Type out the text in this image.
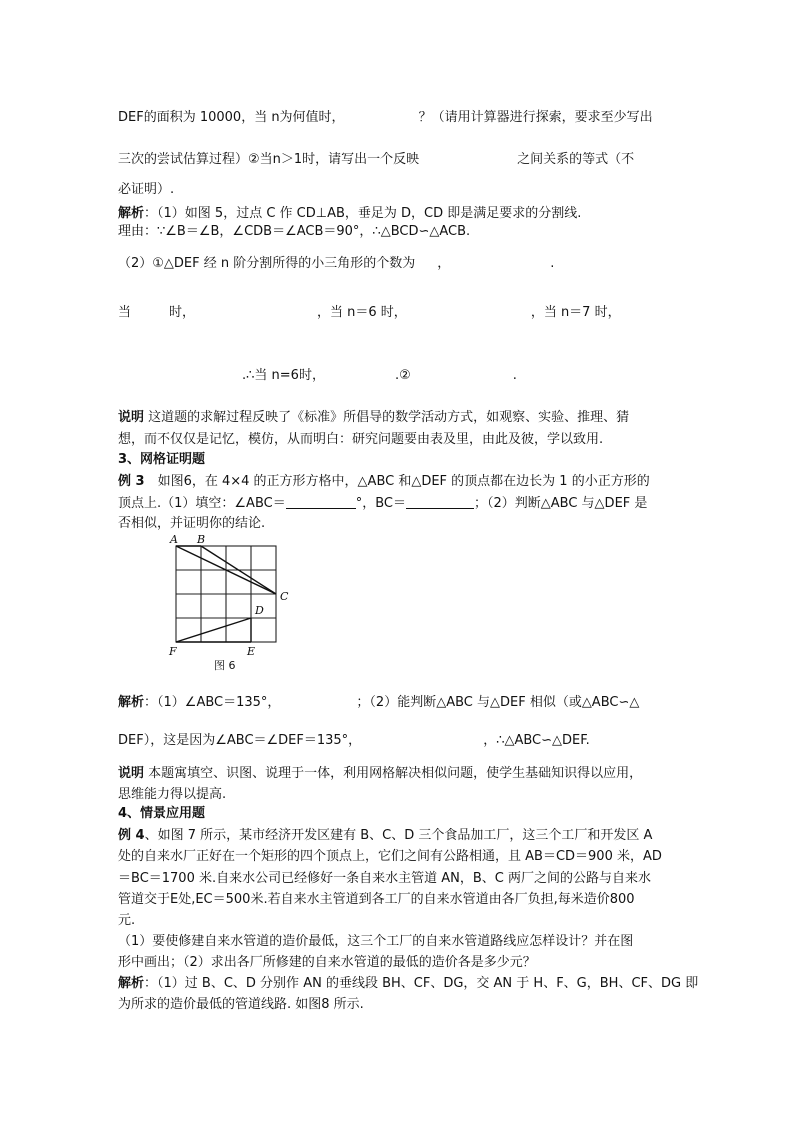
DEF的面积为 10000，当 n为何值时，	？（请用计算器进行探索，要求至少写出
三次的尝试估算过程）②当n＞1时，请写出一个反映	之间关系的等式（不
必证明）.
解析：（1）如图 5，过点 C 作 CD⊥AB，垂足为 D，CD 即是满足要求的分割线.
理由：∵∠B＝∠B，∠CDB＝∠ACB＝90°，∴△BCD∽△ACB.
（2）①△DEF 经 n 阶分割所得的小三角形的个数为 ，	.
当	时，	，当 n＝6 时，	，当 n＝7 时，
.∴当 n=6时，	.②	.
说明 这道题的求解过程反映了《标准》所倡导的数学活动方式，如观察、实验、推理、猜
想，而不仅仅是记忆，模仿，从而明白：研究问题要由表及里，由此及彼，学以致用.
3、网格证明题
例 3　如图6，在 4×4 的正方形方格中，△ABC 和△DEF 的顶点都在边长为 1 的小正方形的
顶点上.（1）填空：∠ABC＝	°，BC＝	；（2）判断△ABC 与△DEF 是
否相似，并证明你的结论.
A B
C
D
E
F
图 6
解析：（1）∠ABC＝135°，	；（2）能判断△ABC 与△DEF 相似（或△ABC∽△
DEF），这是因为∠ABC＝∠DEF＝135°，	，∴△ABC∽△DEF.
说明 本题寓填空、识图、说理于一体，利用网格解决相似问题，使学生基础知识得以应用，
思维能力得以提高.
4、情景应用题
例 4、如图 7 所示，某市经济开发区建有 B、C、D 三个食品加工厂，这三个工厂和开发区 A
处的自来水厂正好在一个矩形的四个顶点上，它们之间有公路相通，且 AB＝CD＝900 米，AD
＝BC＝1700 米.自来水公司已经修好一条自来水主管道 AN，B、C 两厂之间的公路与自来水
管道交于E处,EC＝500米.若自来水主管道到各工厂的自来水管道由各厂负担,每米造价800
元.
（1）要使修建自来水管道的造价最低，这三个工厂的自来水管道路线应怎样设计？并在图
形中画出；（2）求出各厂所修建的自来水管道的最低的造价各是多少元？
解析：（1）过 B、C、D 分别作 AN 的垂线段 BH、CF、DG，交 AN 于 H、F、G，BH、CF、DG 即
为所求的造价最低的管道线路. 如图8 所示.
